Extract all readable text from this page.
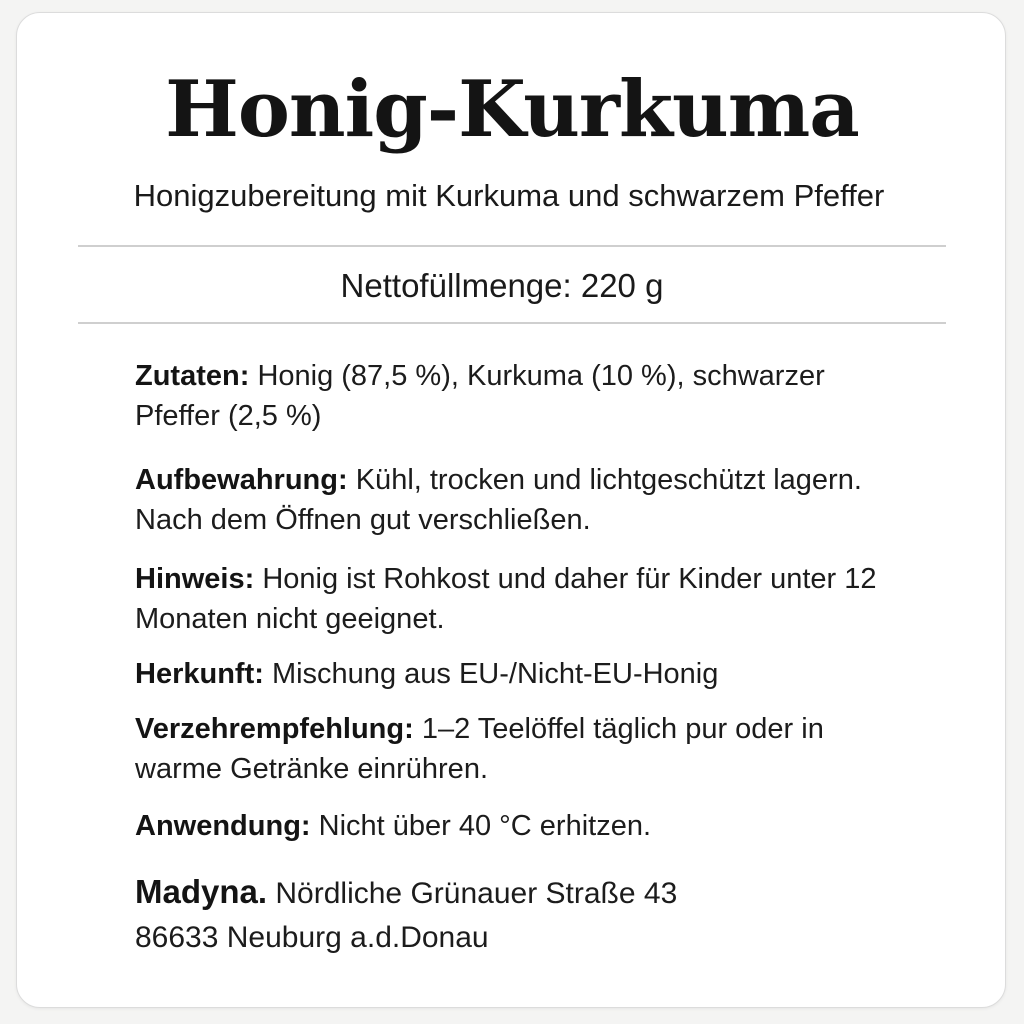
Honig-Kurkuma
Honigzubereitung mit Kurkuma und schwarzem Pfeffer
Nettofüllmenge: 220 g
Zutaten: Honig (87,5 %), Kurkuma (10 %), schwarzer Pfeffer (2,5 %)
Aufbewahrung: Kühl, trocken und lichtgeschützt lagern. Nach dem Öffnen gut verschließen.
Hinweis: Honig ist Rohkost und daher für Kinder unter 12 Monaten nicht geeignet.
Herkunft: Mischung aus EU-/Nicht-EU-Honig
Verzehrempfehlung: 1–2 Teelöffel täglich pur oder in warme Getränke einrühren.
Anwendung: Nicht über 40 °C erhitzen.
Madyna. Nördliche Grünauer Straße 43
86633 Neuburg a.d.Donau
